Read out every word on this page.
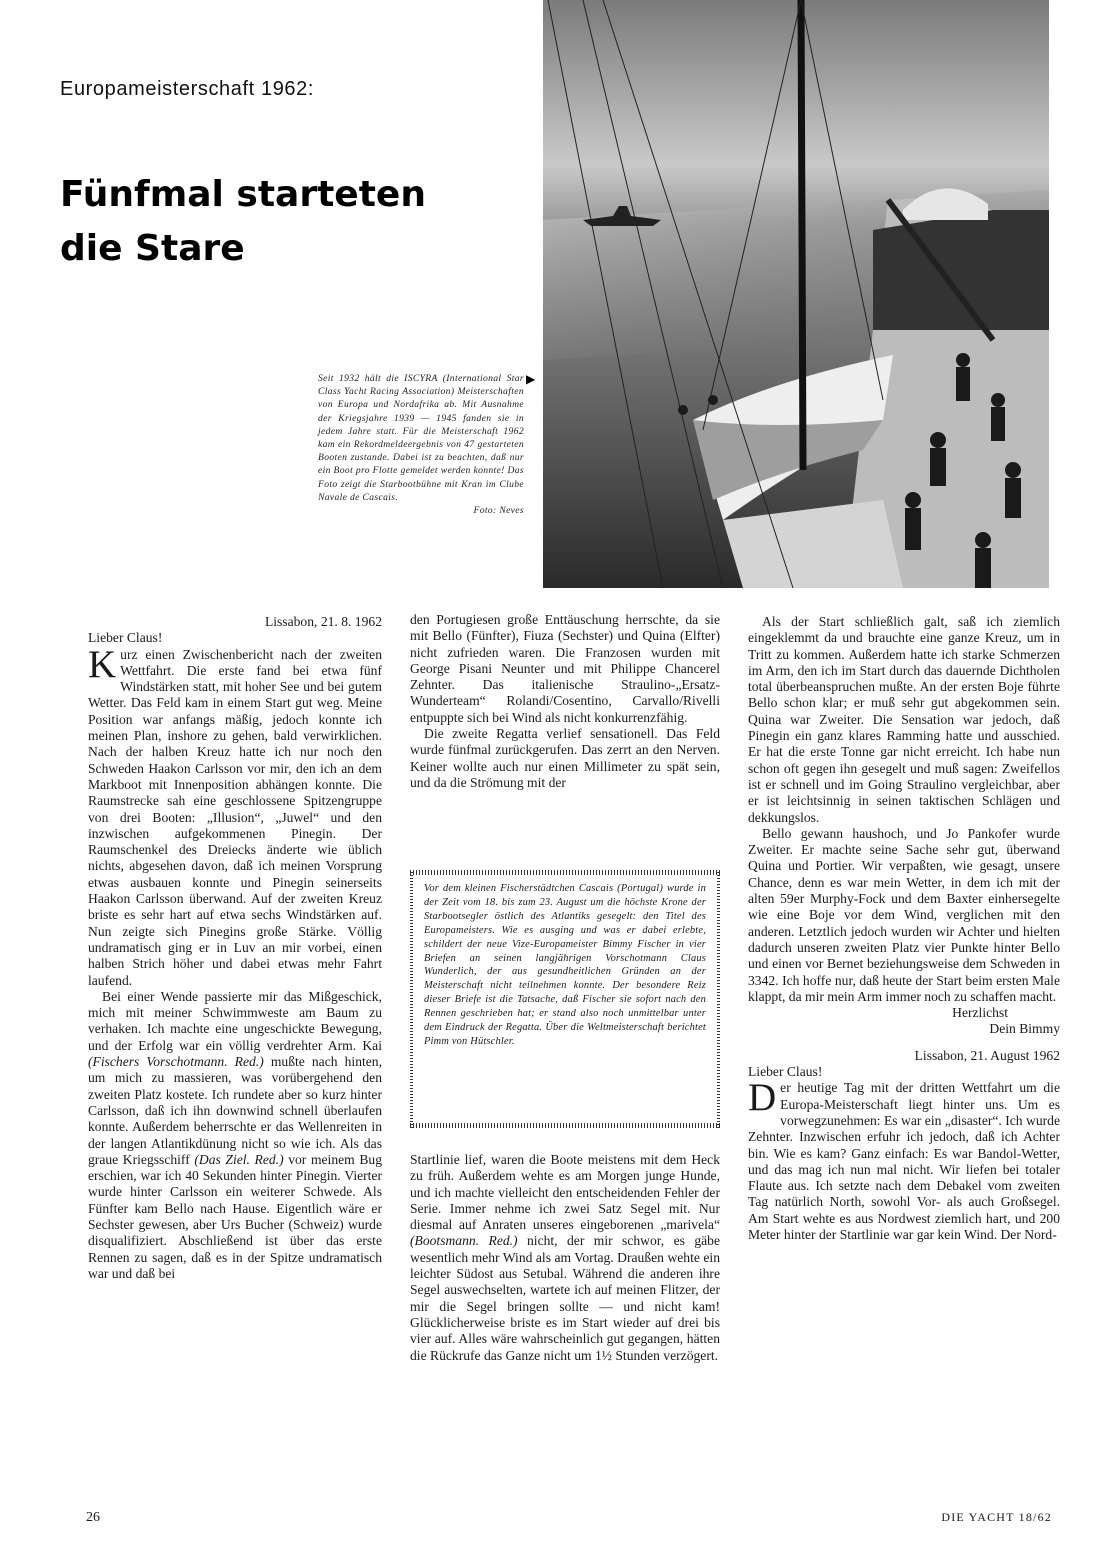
Europameisterschaft 1962:
Fünfmal starteten
die Stare
Seit 1932 hält die ISCYRA (International Star Class Yacht Racing Association) Meisterschaften von Europa und Nordafrika ab. Mit Ausnahme der Kriegsjahre 1939 — 1945 fanden sie in jedem Jahre statt. Für die Meisterschaft 1962 kam ein Rekordmeldeergebnis von 47 gestarteten Booten zustande. Dabei ist zu beachten, daß nur ein Boot pro Flotte gemeldet werden konnte! Das Foto zeigt die Starbootbühne mit Kran im Clube Navale de Cascais.
Foto: Neves
▶

Lissabon, 21. 8. 1962

Lieber Claus!

Kurz einen Zwischenbericht nach der zweiten Wettfahrt. Die erste fand bei etwa fünf Windstärken statt, mit hoher See und bei gutem Wetter. Das Feld kam in einem Start gut weg. Meine Position war anfangs mäßig, jedoch konnte ich meinen Plan, inshore zu gehen, bald verwirklichen. Nach der halben Kreuz hatte ich nur noch den Schweden Haakon Carlsson vor mir, den ich an dem Markboot mit Innenposition abhängen konnte. Die Raumstrecke sah eine geschlossene Spitzengruppe von drei Booten: „Illusion“, „Juwel“ und den inzwischen aufgekommenen Pinegin. Der Raumschenkel des Dreiecks änderte wie üblich nichts, abgesehen davon, daß ich meinen Vorsprung etwas ausbauen konnte und Pinegin seinerseits Haakon Carlsson überwand. Auf der zweiten Kreuz briste es sehr hart auf etwa sechs Windstärken auf. Nun zeigte sich Pinegins große Stärke. Völlig undramatisch ging er in Luv an mir vorbei, einen halben Strich höher und dabei etwas mehr Fahrt laufend.

Bei einer Wende passierte mir das Mißgeschick, mich mit meiner Schwimmweste am Baum zu verhaken. Ich machte eine ungeschickte Bewegung, und der Erfolg war ein völlig verdrehter Arm. Kai (Fischers Vorschotmann. Red.) mußte nach hinten, um mich zu massieren, was vorübergehend den zweiten Platz kostete. Ich rundete aber so kurz hinter Carlsson, daß ich ihn downwind schnell überlaufen konnte. Außerdem beherrschte er das Wellenreiten in der langen Atlantikdünung nicht so wie ich. Als das graue Kriegsschiff (Das Ziel. Red.) vor meinem Bug erschien, war ich 40 Sekunden hinter Pinegin. Vierter wurde hinter Carlsson ein weiterer Schwede. Als Fünfter kam Bello nach Hause. Eigentlich wäre er Sechster gewesen, aber Urs Bucher (Schweiz) wurde disqualifiziert. Abschließend ist über das erste Rennen zu sagen, daß es in der Spitze undramatisch war und daß bei

den Portugiesen große Enttäuschung herrschte, da sie mit Bello (Fünfter), Fiuza (Sechster) und Quina (Elfter) nicht zufrieden waren. Die Franzosen wurden mit George Pisani Neunter und mit Philippe Chancerel Zehnter. Das italienische Straulino-„Ersatz-Wunderteam“ Rolandi/Cosentino, Carvallo/Rivelli entpuppte sich bei Wind als nicht konkurrenzfähig.

Die zweite Regatta verlief sensationell. Das Feld wurde fünfmal zurückgerufen. Das zerrt an den Nerven. Keiner wollte auch nur einen Millimeter zu spät sein, und da die Strömung mit der

Vor dem kleinen Fischerstädtchen Cascais (Portugal) wurde in der Zeit vom 18. bis zum 23. August um die höchste Krone der Starbootsegler östlich des Atlantiks gesegelt: den Titel des Europameisters. Wie es ausging und was er dabei erlebte, schildert der neue Vize-Europameister Bimmy Fischer in vier Briefen an seinen langjährigen Vorschotmann Claus Wunderlich, der aus gesundheitlichen Gründen an der Meisterschaft nicht teilnehmen konnte. Der besondere Reiz dieser Briefe ist die Tatsache, daß Fischer sie sofort nach den Rennen geschrieben hat; er stand also noch unmittelbar unter dem Eindruck der Regatta. Über die Weltmeisterschaft berichtet Pimm von Hütschler.

Startlinie lief, waren die Boote meistens mit dem Heck zu früh. Außerdem wehte es am Morgen junge Hunde, und ich machte vielleicht den entscheidenden Fehler der Serie. Immer nehme ich zwei Satz Segel mit. Nur diesmal auf Anraten unseres eingeborenen „marivela“ (Bootsmann. Red.) nicht, der mir schwor, es gäbe wesentlich mehr Wind als am Vortag. Draußen wehte ein leichter Südost aus Setubal. Während die anderen ihre Segel auswechselten, wartete ich auf meinen Flitzer, der mir die Segel bringen sollte — und nicht kam! Glücklicherweise briste es im Start wieder auf drei bis vier auf. Alles wäre wahrscheinlich gut gegangen, hätten die Rückrufe das Ganze nicht um 1½ Stunden verzögert.

Als der Start schließlich galt, saß ich ziemlich eingeklemmt da und brauchte eine ganze Kreuz, um in Tritt zu kommen. Außerdem hatte ich starke Schmerzen im Arm, den ich im Start durch das dauernde Dichtholen total überbeanspruchen mußte. An der ersten Boje führte Bello schon klar; er muß sehr gut abgekommen sein. Quina war Zweiter. Die Sensation war jedoch, daß Pinegin ein ganz klares Ramming hatte und ausschied. Er hat die erste Tonne gar nicht erreicht. Ich habe nun schon oft gegen ihn gesegelt und muß sagen: Zweifellos ist er schnell und im Going Straulino vergleichbar, aber er ist leichtsinnig in seinen taktischen Schlägen und dekkungslos.

Bello gewann haushoch, und Jo Pankofer wurde Zweiter. Er machte seine Sache sehr gut, überwand Quina und Portier. Wir verpaßten, wie gesagt, unsere Chance, denn es war mein Wetter, in dem ich mit der alten 59er Murphy-Fock und dem Baxter einhersegelte wie eine Boje vor dem Wind, verglichen mit den anderen. Letztlich jedoch wurden wir Achter und hielten dadurch unseren zweiten Platz vier Punkte hinter Bello und einen vor Bernet beziehungsweise dem Schweden in 3342. Ich hoffe nur, daß heute der Start beim ersten Male klappt, da mir mein Arm immer noch zu schaffen macht.

Herzlichst

Dein Bimmy

Lissabon, 21. August 1962

Lieber Claus!

Der heutige Tag mit der dritten Wettfahrt um die Europa-Meisterschaft liegt hinter uns. Um es vorwegzunehmen: Es war ein „disaster“. Ich wurde Zehnter. Inzwischen erfuhr ich jedoch, daß ich Achter bin. Wie es kam? Ganz einfach: Es war Bandol-Wetter, und das mag ich nun mal nicht. Wir liefen bei totaler Flaute aus. Ich setzte nach dem Debakel vom zweiten Tag natürlich North, sowohl Vor- als auch Großsegel. Am Start wehte es aus Nordwest ziemlich hart, und 200 Meter hinter der Startlinie war gar kein Wind. Der Nord-

26	DIE YACHT 18/62
